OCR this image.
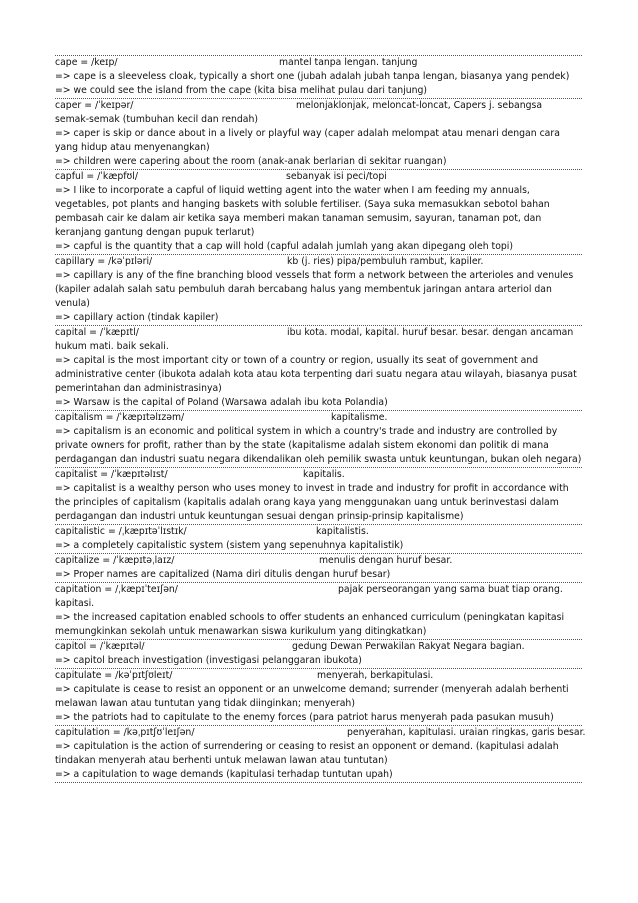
cape = /keɪp/	mantel tanpa lengan. tanjung
=> cape is a sleeveless cloak, typically a short one (jubah adalah jubah tanpa lengan, biasanya yang pendek)
=> we could see the island from the cape (kita bisa melihat pulau dari tanjung)
caper = /ˈkeɪpər/	melonjaklonjak, meloncat-loncat, Capers j. sebangsa
semak-semak (tumbuhan kecil dan rendah)
=> caper is skip or dance about in a lively or playful way (caper adalah melompat atau menari dengan cara yang hidup atau menyenangkan)
=> children were capering about the room (anak-anak berlarian di sekitar ruangan)
capful = /ˈkæpfʊl/	sebanyak isi peci/topi
=> I like to incorporate a capful of liquid wetting agent into the water when I am feeding my annuals, vegetables, pot plants and hanging baskets with soluble fertiliser. (Saya suka memasukkan sebotol bahan pembasah cair ke dalam air ketika saya memberi makan tanaman semusim, sayuran, tanaman pot, dan keranjang gantung dengan pupuk terlarut)
=> capful is the quantity that a cap will hold (capful adalah jumlah yang akan dipegang oleh topi)
capillary = /kəˈpɪləri/	kb (j. ries) pipa/pembuluh rambut, kapiler.
=> capillary is any of the fine branching blood vessels that form a network between the arterioles and venules (kapiler adalah salah satu pembuluh darah bercabang halus yang membentuk jaringan antara arteriol dan venula)
=> capillary action (tindak kapiler)
capital = /ˈkæpɪtl/	ibu kota. modal, kapital. huruf besar. besar. dengan ancaman
hukum mati. baik sekali.
=> capital is the most important city or town of a country or region, usually its seat of government and administrative center (ibukota adalah kota atau kota terpenting dari suatu negara atau wilayah, biasanya pusat pemerintahan dan administrasinya)
=> Warsaw is the capital of Poland (Warsawa adalah ibu kota Polandia)
capitalism = /ˈkæpɪtəlɪzəm/	kapitalisme.
=> capitalism is an economic and political system in which a country's trade and industry are controlled by private owners for profit, rather than by the state (kapitalisme adalah sistem ekonomi dan politik di mana perdagangan dan industri suatu negara dikendalikan oleh pemilik swasta untuk keuntungan, bukan oleh negara)
capitalist = /ˈkæpɪtəlɪst/	kapitalis.
=> capitalist is a wealthy person who uses money to invest in trade and industry for profit in accordance with the principles of capitalism (kapitalis adalah orang kaya yang menggunakan uang untuk berinvestasi dalam perdagangan dan industri untuk keuntungan sesuai dengan prinsip-prinsip kapitalisme)
capitalistic = /ˌkæpɪtəˈlɪstɪk/	kapitalistis.
=> a completely capitalistic system (sistem yang sepenuhnya kapitalistik)
capitalize = /ˈkæpɪtəˌlaɪz/	menulis dengan huruf besar.
=> Proper names are capitalized (Nama diri ditulis dengan huruf besar)
capitation = /ˌkæpɪˈteɪʃən/	pajak perseorangan yang sama buat tiap orang.
kapitasi.
=> the increased capitation enabled schools to offer students an enhanced curriculum (peningkatan kapitasi memungkinkan sekolah untuk menawarkan siswa kurikulum yang ditingkatkan)
capitol = /ˈkæpɪtəl/	gedung Dewan Perwakilan Rakyat Negara bagian.
=> capitol breach investigation (investigasi pelanggaran ibukota)
capitulate = /kəˈpɪtʃʊleɪt/	menyerah, berkapitulasi.
=> capitulate is cease to resist an opponent or an unwelcome demand; surrender (menyerah adalah berhenti melawan lawan atau tuntutan yang tidak diinginkan; menyerah)
=> the patriots had to capitulate to the enemy forces (para patriot harus menyerah pada pasukan musuh)
capitulation = /kəˌpɪtʃʊˈleɪʃən/	penyerahan, kapitulasi. uraian ringkas, garis besar.
=> capitulation is the action of surrendering or ceasing to resist an opponent or demand. (kapitulasi adalah tindakan menyerah atau berhenti untuk melawan lawan atau tuntutan)
=> a capitulation to wage demands (kapitulasi terhadap tuntutan upah)
